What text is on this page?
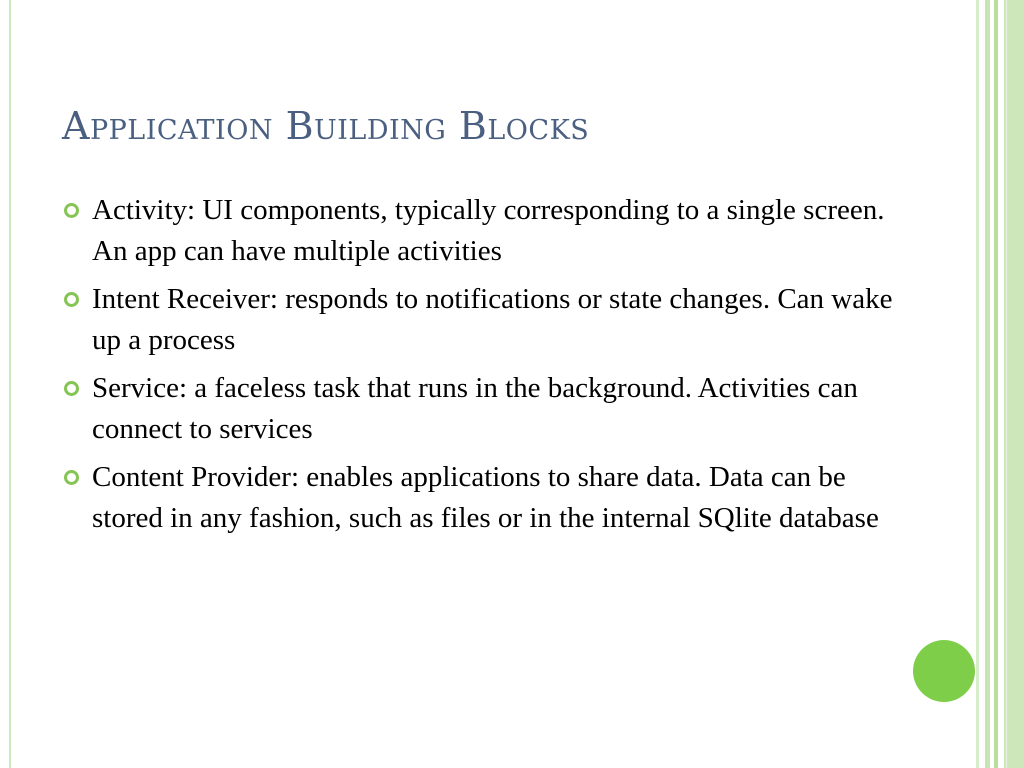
Application Building Blocks
Activity: UI components, typically corresponding to a single screen. An app can have multiple activities
Intent Receiver: responds to notifications or state changes. Can wake up a process
Service: a faceless task that runs in the background. Activities can connect to services
Content Provider: enables applications to share data. Data can be stored in any fashion, such as files or in the internal SQlite database
